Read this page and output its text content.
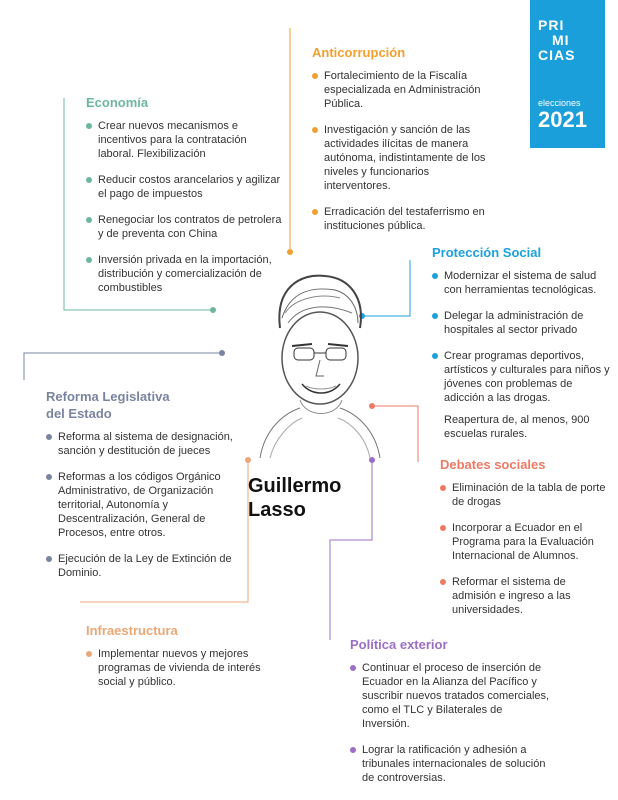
PRI
MI
CIAS
elecciones
2021
Guillermo Lasso
Economía
Crear nuevos mecanismos e incentivos para la contratación laboral. Flexibilización
Reducir costos arancelarios y agilizar el pago de impuestos
Renegociar los contratos de petrolera y de preventa con China
Inversión privada en la importación, distribución y comercialización de combustibles
Anticorrupción
Fortalecimiento de la Fiscalía especializada en Administración Pública.
Investigación y sanción de las actividades ilícitas de manera autónoma, indistintamente de los niveles y funcionarios interventores.
Erradicación del testaferrismo en instituciones pública.
Protección Social
Modernizar el sistema de salud con herramientas tecnológicas.
Delegar la administración de hospitales al sector privado
Crear programas deportivos, artísticos y culturales para niños y jóvenes con problemas de adicción a las drogas.
Reapertura de, al menos, 900 escuelas rurales.
Reforma Legislativa
del Estado
Reforma al sistema de designación, sanción y destitución de jueces
Reformas a los códigos Orgánico Administrativo, de Organización territorial, Autonomía y Descentralización, General de Procesos, entre otros.
Ejecución de la Ley de Extinción de Dominio.
Debates sociales
Eliminación de la tabla de porte de drogas
Incorporar a Ecuador en el Programa para la Evaluación Internacional de Alumnos.
Reformar el sistema de admisión e ingreso a las universidades.
Infraestructura
Implementar nuevos y mejores programas de vivienda de interés social y público.
Política exterior
Continuar el proceso de inserción de Ecuador en la Alianza del Pacífico y suscribir nuevos tratados comerciales, como el TLC y Bilaterales de Inversión.
Lograr la ratificación y adhesión a tribunales internacionales de solución de controversias.
